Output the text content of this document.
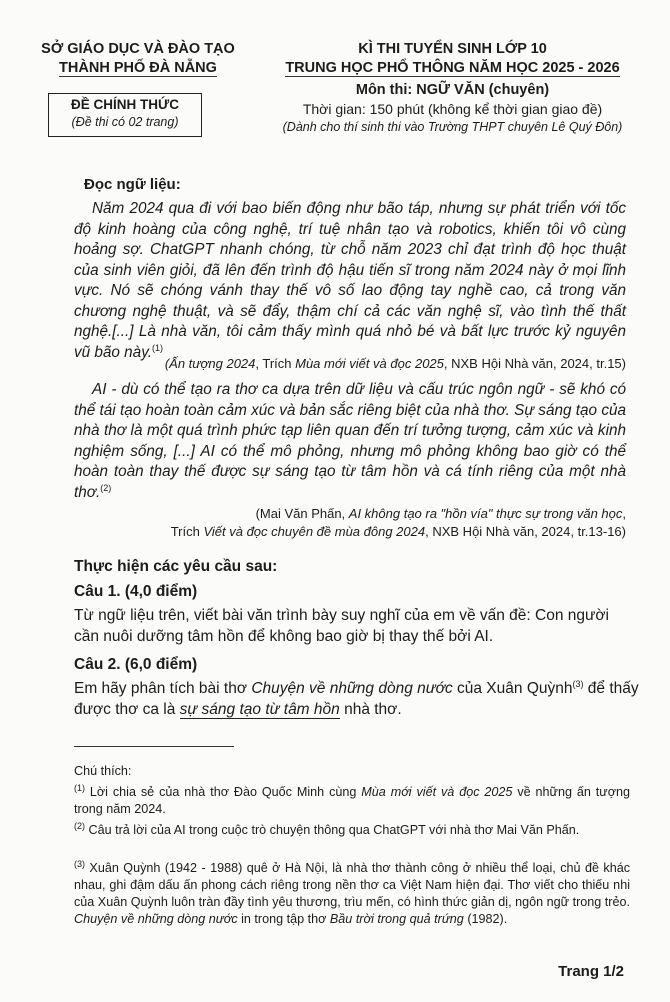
SỞ GIÁO DỤC VÀ ĐÀO TẠO
THÀNH PHỐ ĐÀ NẴNG
ĐỀ CHÍNH THỨC
(Đề thi có 02 trang)
KÌ THI TUYỂN SINH LỚP 10
TRUNG HỌC PHỔ THÔNG NĂM HỌC 2025 - 2026
Môn thi: NGỮ VĂN (chuyên)
Thời gian: 150 phút (không kể thời gian giao đề)
(Dành cho thí sinh thi vào Trường THPT chuyên Lê Quý Đôn)
Đọc ngữ liệu:
Năm 2024 qua đi với bao biến động như bão táp, nhưng sự phát triển với tốc độ kinh hoàng của công nghệ, trí tuệ nhân tạo và robotics, khiến tôi vô cùng hoảng sợ. ChatGPT nhanh chóng, từ chỗ năm 2023 chỉ đạt trình độ học thuật của sinh viên giỏi, đã lên đến trình độ hậu tiến sĩ trong năm 2024 này ở mọi lĩnh vực. Nó sẽ chóng vánh thay thế vô số lao động tay nghề cao, cả trong văn chương nghệ thuật, và sẽ đẩy, thậm chí cả các văn nghệ sĩ, vào tình thế thất nghệ.[...] Là nhà văn, tôi cảm thấy mình quá nhỏ bé và bất lực trước kỷ nguyên vũ bão này.$^{(1)}$
(Ấn tượng 2024, Trích Mùa mới viết và đọc 2025, NXB Hội Nhà văn, 2024, tr.15)
AI - dù có thể tạo ra thơ ca dựa trên dữ liệu và cấu trúc ngôn ngữ - sẽ khó có thể tái tạo hoàn toàn cảm xúc và bản sắc riêng biệt của nhà thơ. Sự sáng tạo của nhà thơ là một quá trình phức tạp liên quan đến trí tưởng tượng, cảm xúc và kinh nghiệm sống, [...] AI có thể mô phỏng, nhưng mô phỏng không bao giờ có thể hoàn toàn thay thế được sự sáng tạo từ tâm hồn và cá tính riêng của một nhà thơ.$^{(2)}$
(Mai Văn Phấn, AI không tạo ra "hồn vía" thực sự trong văn học,
Trích Viết và đọc chuyên đề mùa đông 2024, NXB Hội Nhà văn, 2024, tr.13-16)
Thực hiện các yêu cầu sau:
Câu 1. (4,0 điểm)
Từ ngữ liệu trên, viết bài văn trình bày suy nghĩ của em về vấn đề: Con người cần nuôi dưỡng tâm hồn để không bao giờ bị thay thế bởi AI.
Câu 2. (6,0 điểm)
Em hãy phân tích bài thơ Chuyện về những dòng nước của Xuân Quỳnh$^{(3)}$ để thấy được thơ ca là sự sáng tạo từ tâm hồn nhà thơ.
Chú thích:
$^{(1)}$ Lời chia sẻ của nhà thơ Đào Quốc Minh cùng Mùa mới viết và đọc 2025 về những ấn tượng trong năm 2024.
$^{(2)}$ Câu trả lời của AI trong cuộc trò chuyện thông qua ChatGPT với nhà thơ Mai Văn Phấn.
$^{(3)}$ Xuân Quỳnh (1942 - 1988) quê ở Hà Nội, là nhà thơ thành công ở nhiều thể loại, chủ đề khác nhau, ghi đậm dấu ấn phong cách riêng trong nền thơ ca Việt Nam hiện đại. Thơ viết cho thiếu nhi của Xuân Quỳnh luôn tràn đầy tình yêu thương, trìu mến, có hình thức giản dị, ngôn ngữ trong trẻo. Chuyện về những dòng nước in trong tập thơ Bầu trời trong quả trứng (1982).
Trang 1/2
